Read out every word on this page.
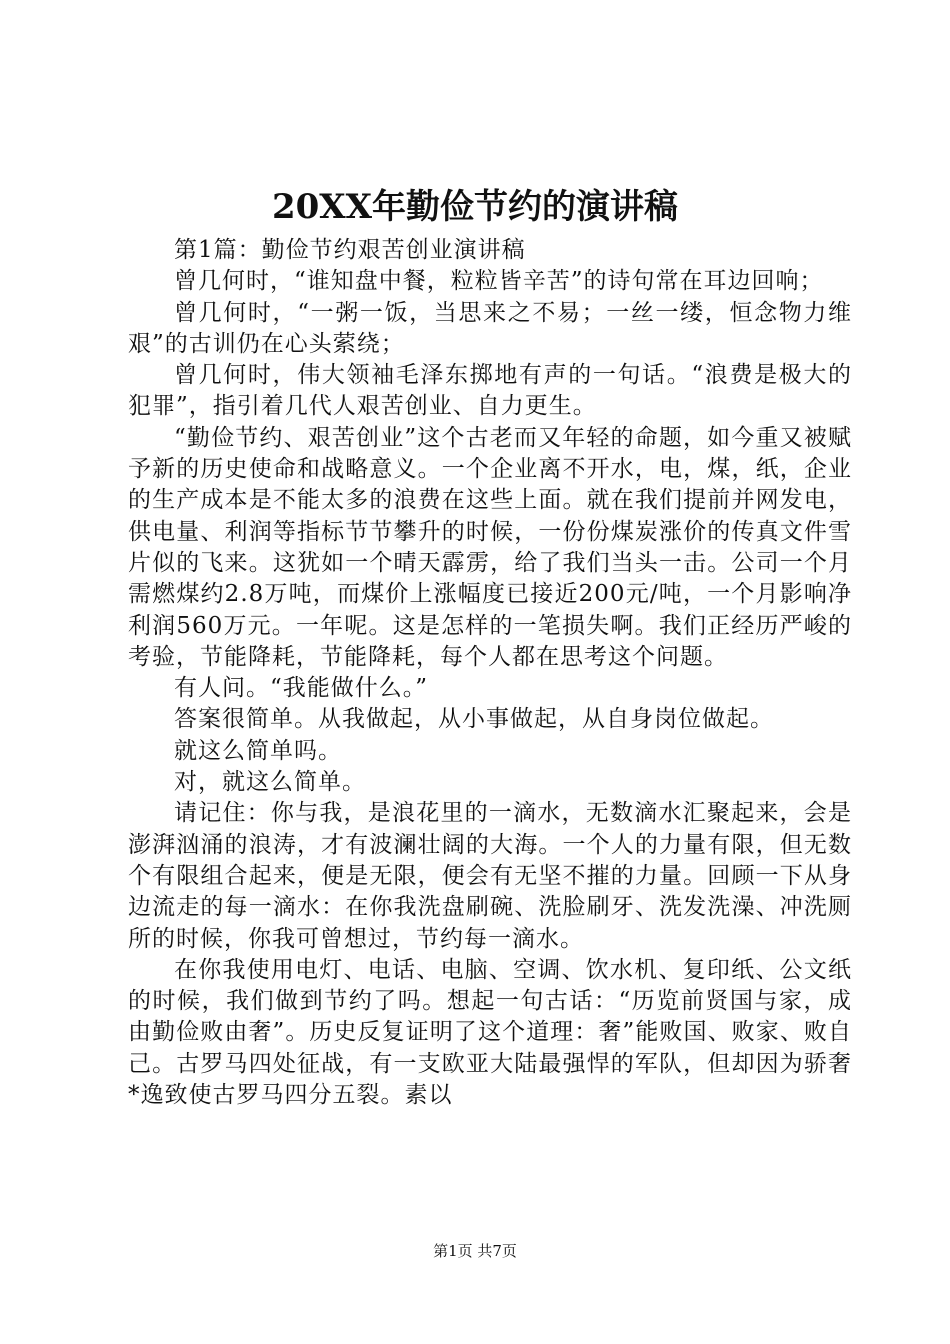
20XX年勤俭节约的演讲稿

第1篇：勤俭节约艰苦创业演讲稿

曾几何时，“谁知盘中餐，粒粒皆辛苦”的诗句常在耳边回响；

曾几何时，“一粥一饭，当思来之不易；一丝一缕，恒念物力维艰”的古训仍在心头萦绕；

曾几何时，伟大领袖毛泽东掷地有声的一句话。“浪费是极大的犯罪”，指引着几代人艰苦创业、自力更生。

“勤俭节约、艰苦创业”这个古老而又年轻的命题，如今重又被赋予新的历史使命和战略意义。一个企业离不开水，电，煤，纸，企业的生产成本是不能太多的浪费在这些上面。就在我们提前并网发电，供电量、利润等指标节节攀升的时候，一份份煤炭涨价的传真文件雪片似的飞来。这犹如一个晴天霹雳，给了我们当头一击。公司一个月需燃煤约2.8万吨，而煤价上涨幅度已接近200元/吨，一个月影响净利润560万元。一年呢。这是怎样的一笔损失啊。我们正经历严峻的考验，节能降耗，节能降耗，每个人都在思考这个问题。

有人问。“我能做什么。”

答案很简单。从我做起，从小事做起，从自身岗位做起。

就这么简单吗。

对，就这么简单。

请记住：你与我，是浪花里的一滴水，无数滴水汇聚起来，会是澎湃汹涌的浪涛，才有波澜壮阔的大海。一个人的力量有限，但无数个有限组合起来，便是无限，便会有无坚不摧的力量。回顾一下从身边流走的每一滴水：在你我洗盘刷碗、洗脸刷牙、洗发洗澡、冲洗厕所的时候，你我可曾想过，节约每一滴水。

在你我使用电灯、电话、电脑、空调、饮水机、复印纸、公文纸的时候，我们做到节约了吗。想起一句古话：“历览前贤国与家，成由勤俭败由奢”。历史反复证明了这个道理：奢”能败国、败家、败自己。古罗马四处征战，有一支欧亚大陆最强悍的军队，但却因为骄奢*逸致使古罗马四分五裂。素以

第1页 共7页
